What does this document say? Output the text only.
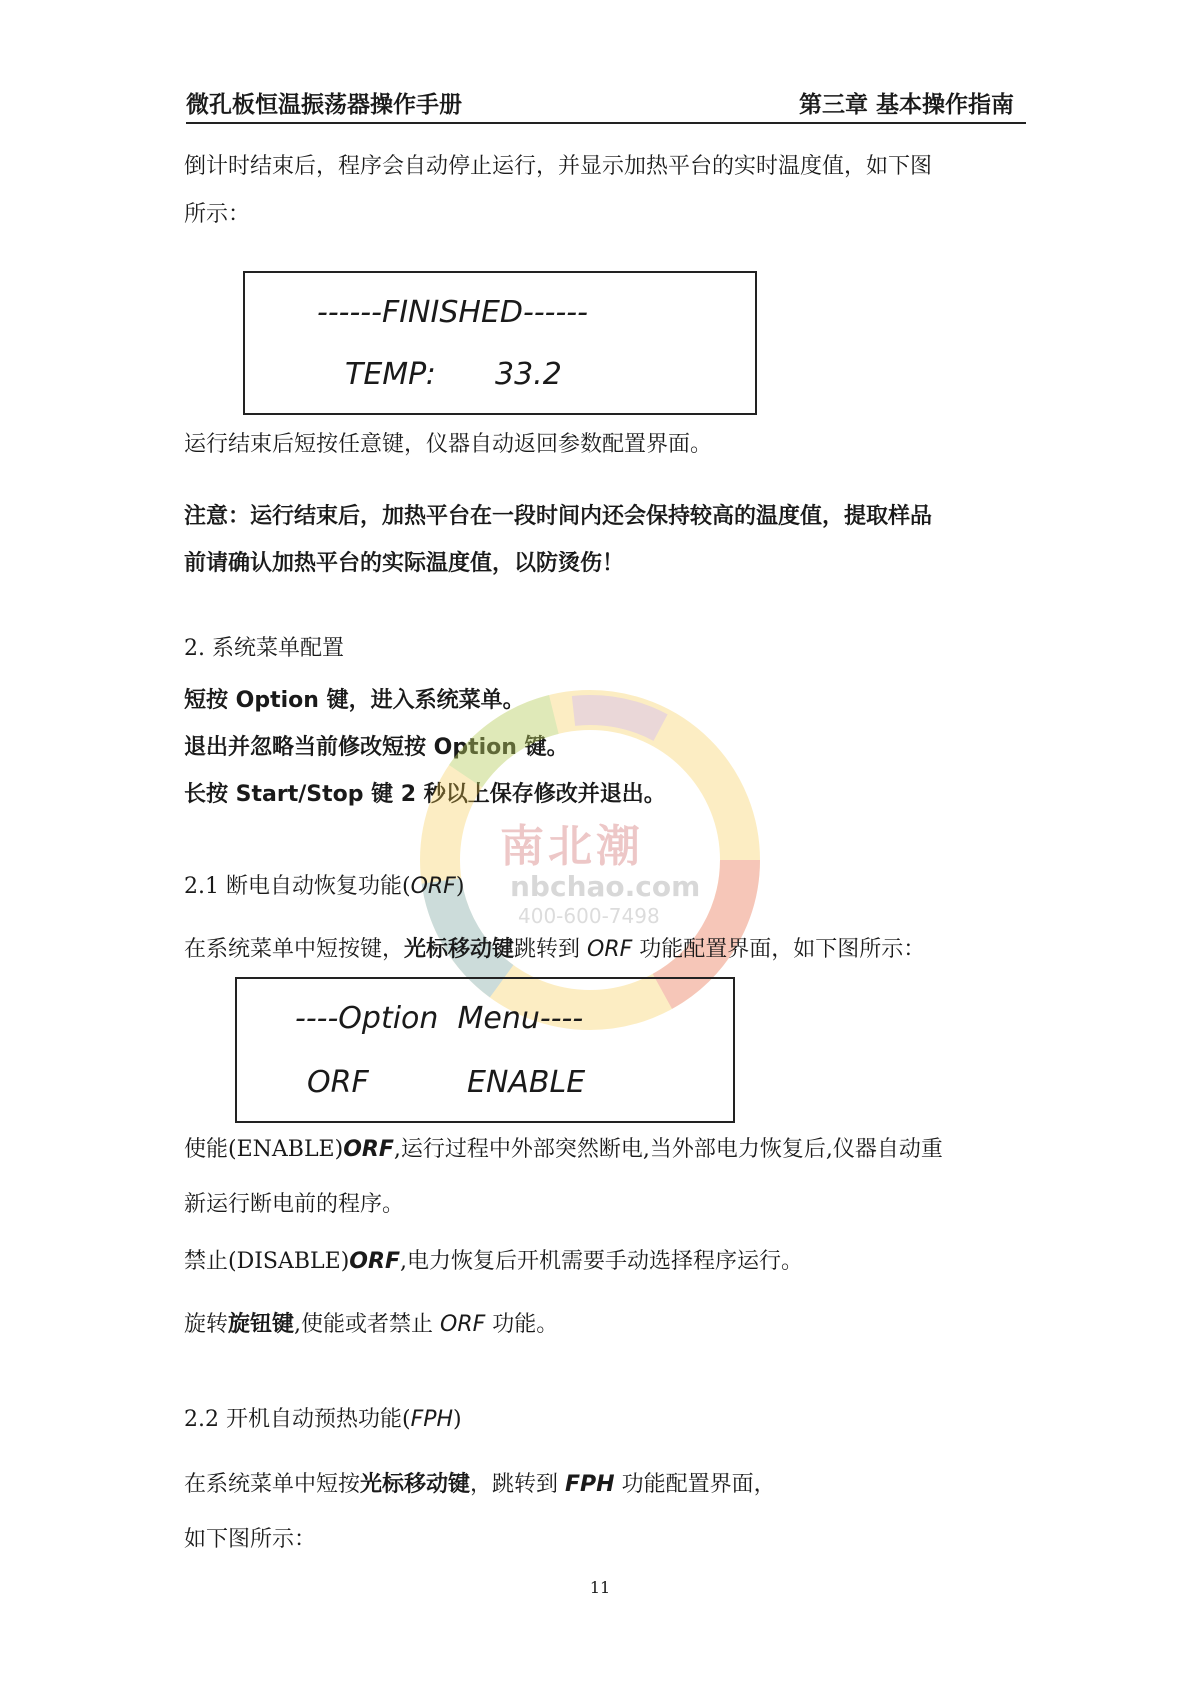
微孔板恒温振荡器操作手册	第三章 基本操作指南
倒计时结束后，程序会自动停止运行，并显示加热平台的实时温度值，如下图
所示：
------FINISHED------
TEMP: 33.2
运行结束后短按任意键，仪器自动返回参数配置界面。
注意：运行结束后，加热平台在一段时间内还会保持较高的温度值，提取样品
前请确认加热平台的实际温度值，以防烫伤！
2. 系统菜单配置
短按 Option 键，进入系统菜单。
退出并忽略当前修改短按 Option 键。
长按 Start/Stop 键 2 秒以上保存修改并退出。
南北潮
nbchao.com
400-600-7498
2.1 断电自动恢复功能(ORF)
在系统菜单中短按键，光标移动键跳转到 ORF 功能配置界面，如下图所示：
----Option  Menu----
ORF	ENABLE
使能(ENABLE)ORF,运行过程中外部突然断电,当外部电力恢复后,仪器自动重
新运行断电前的程序。
禁止(DISABLE)ORF,电力恢复后开机需要手动选择程序运行。
旋转旋钮键,使能或者禁止 ORF 功能。
2.2 开机自动预热功能(FPH)
在系统菜单中短按光标移动键，跳转到 FPH 功能配置界面，
如下图所示：
11
